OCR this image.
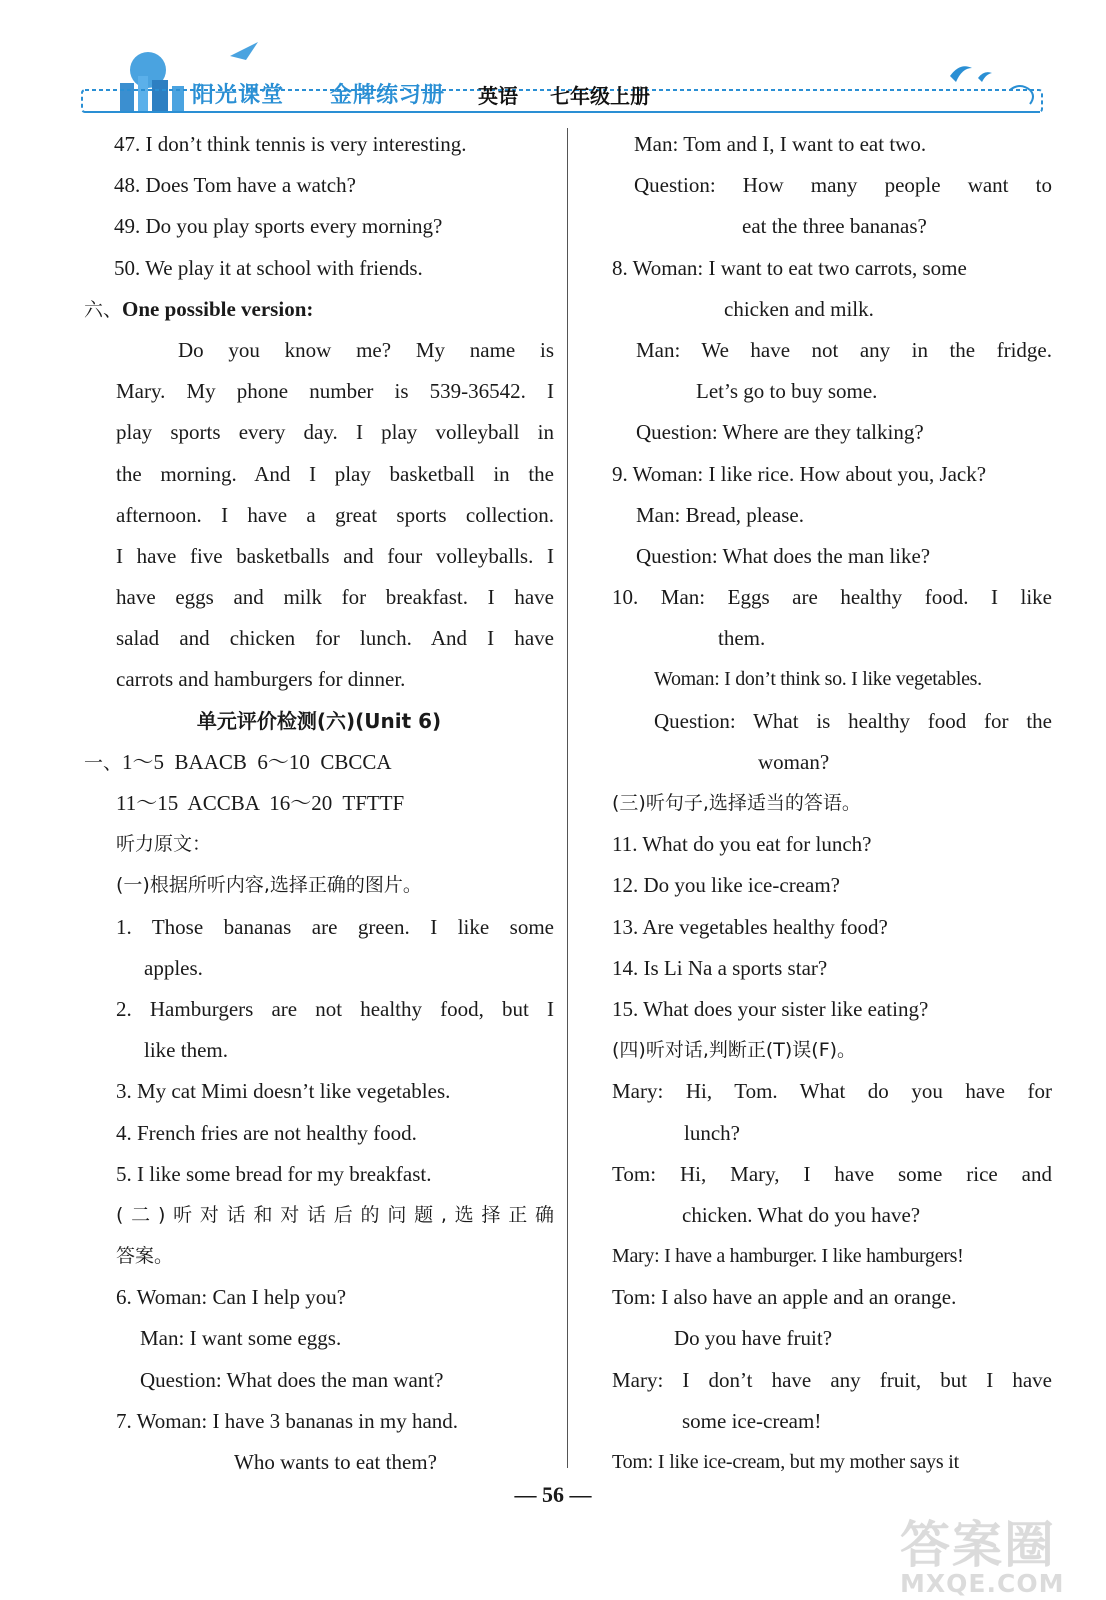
阳光课堂 金牌练习册 英语 七年级上册
47. I don’t think tennis is very interesting.
48. Does Tom have a watch?
49. Do you play sports every morning?
50. We play it at school with friends.
六、One possible version:
Do you know me? My name is
Mary. My phone number is 539-36542. I
play sports every day. I play volleyball in
the morning. And I play basketball in the
afternoon. I have a great sports collection.
I have five basketballs and four volleyballs. I
have eggs and milk for breakfast. I have
salad and chicken for lunch. And I have
carrots and hamburgers for dinner.
单元评价检测(六)(Unit 6)
一、1～5  BAACB  6～10  CBCCA
11～15  ACCBA  16～20  TFTTF
听力原文：
(一)根据所听内容,选择正确的图片。
1. Those bananas are green. I like some
apples.
2. Hamburgers are not healthy food, but I
like them.
3. My cat Mimi doesn’t like vegetables.
4. French fries are not healthy food.
5. I like some bread for my breakfast.
(二)听对话和对话后的问题,选择正确
答案。
6. Woman: Can I help you?
Man: I want some eggs.
Question: What does the man want?
7. Woman: I have 3 bananas in my hand.
Who wants to eat them?
Man: Tom and I, I want to eat two.
Question: How many people want to
eat the three bananas?
8. Woman: I want to eat two carrots, some
chicken and milk.
Man: We have not any in the fridge.
Let’s go to buy some.
Question: Where are they talking?
9. Woman: I like rice. How about you, Jack?
Man: Bread, please.
Question: What does the man like?
10. Man: Eggs are healthy food. I like
them.
Woman: I don’t think so. I like vegetables.
Question: What is healthy food for the
woman?
(三)听句子,选择适当的答语。
11. What do you eat for lunch?
12. Do you like ice-cream?
13. Are vegetables healthy food?
14. Is Li Na a sports star?
15. What does your sister like eating?
(四)听对话,判断正(T)误(F)。
Mary: Hi, Tom. What do you have for
lunch?
Tom: Hi, Mary, I have some rice and
chicken. What do you have?
Mary: I have a hamburger. I like hamburgers!
Tom: I also have an apple and an orange.
Do you have fruit?
Mary: I don’t have any fruit, but I have
some ice-cream!
Tom: I like ice-cream, but my mother says it
— 56 —
答案圈
MXQE.COM
